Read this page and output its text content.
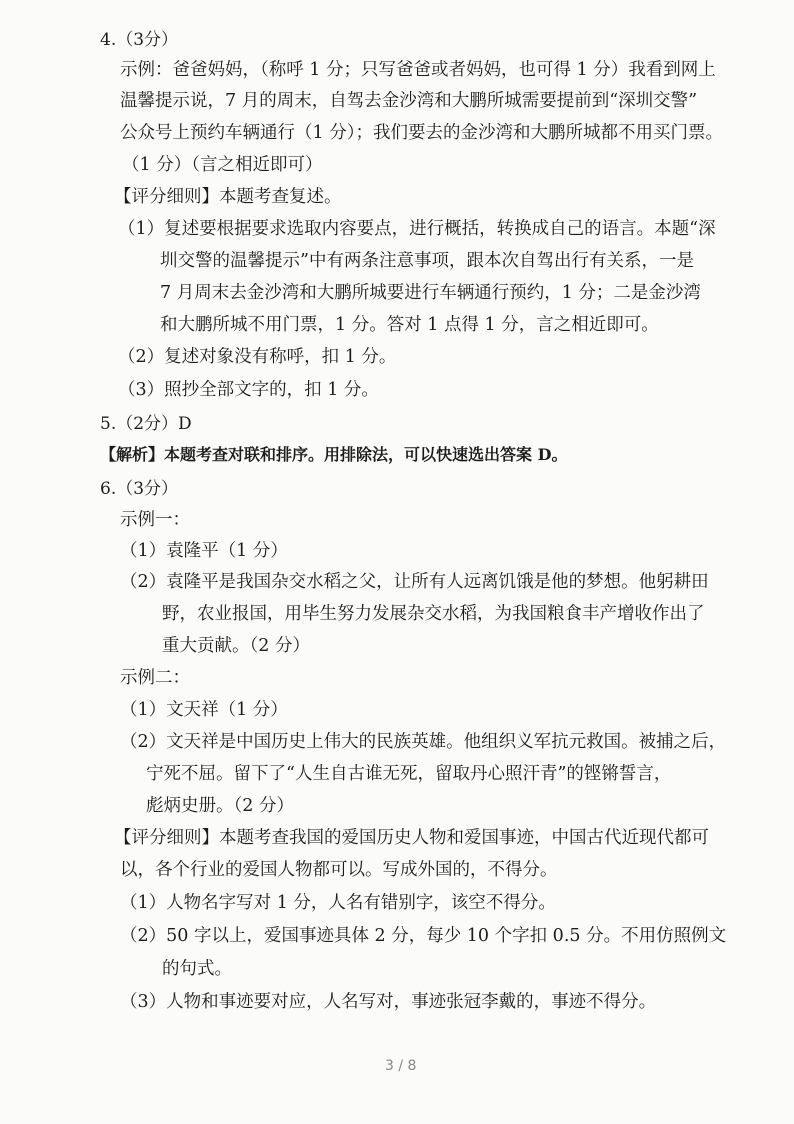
4.（3分）
示例：爸爸妈妈，（称呼 1 分；只写爸爸或者妈妈，也可得 1 分）我看到网上
温馨提示说，7 月的周末，自驾去金沙湾和大鹏所城需要提前到“深圳交警”
公众号上预约车辆通行（1 分）；我们要去的金沙湾和大鹏所城都不用买门票。
（1 分）（言之相近即可）
【评分细则】本题考查复述。
（1）复述要根据要求选取内容要点，进行概括，转换成自己的语言。本题“深
圳交警的温馨提示”中有两条注意事项，跟本次自驾出行有关系，一是
7 月周末去金沙湾和大鹏所城要进行车辆通行预约，1 分；二是金沙湾
和大鹏所城不用门票，1 分。答对 1 点得 1 分，言之相近即可。
（2）复述对象没有称呼，扣 1 分。
（3）照抄全部文字的，扣 1 分。
5.（2分）D
【解析】本题考查对联和排序。用排除法，可以快速选出答案 D。
6.（3分）
示例一：
（1）袁隆平（1 分）
（2）袁隆平是我国杂交水稻之父，让所有人远离饥饿是他的梦想。他躬耕田
野，农业报国，用毕生努力发展杂交水稻，为我国粮食丰产增收作出了
重大贡献。（2 分）
示例二：
（1）文天祥（1 分）
（2）文天祥是中国历史上伟大的民族英雄。他组织义军抗元救国。被捕之后，
宁死不屈。留下了“人生自古谁无死，留取丹心照汗青”的铿锵誓言，
彪炳史册。（2 分）
【评分细则】本题考查我国的爱国历史人物和爱国事迹，中国古代近现代都可
以，各个行业的爱国人物都可以。写成外国的，不得分。
（1）人物名字写对 1 分，人名有错别字，该空不得分。
（2）50 字以上，爱国事迹具体 2 分，每少 10 个字扣 0.5 分。不用仿照例文
的句式。
（3）人物和事迹要对应，人名写对，事迹张冠李戴的，事迹不得分。
3 / 8
